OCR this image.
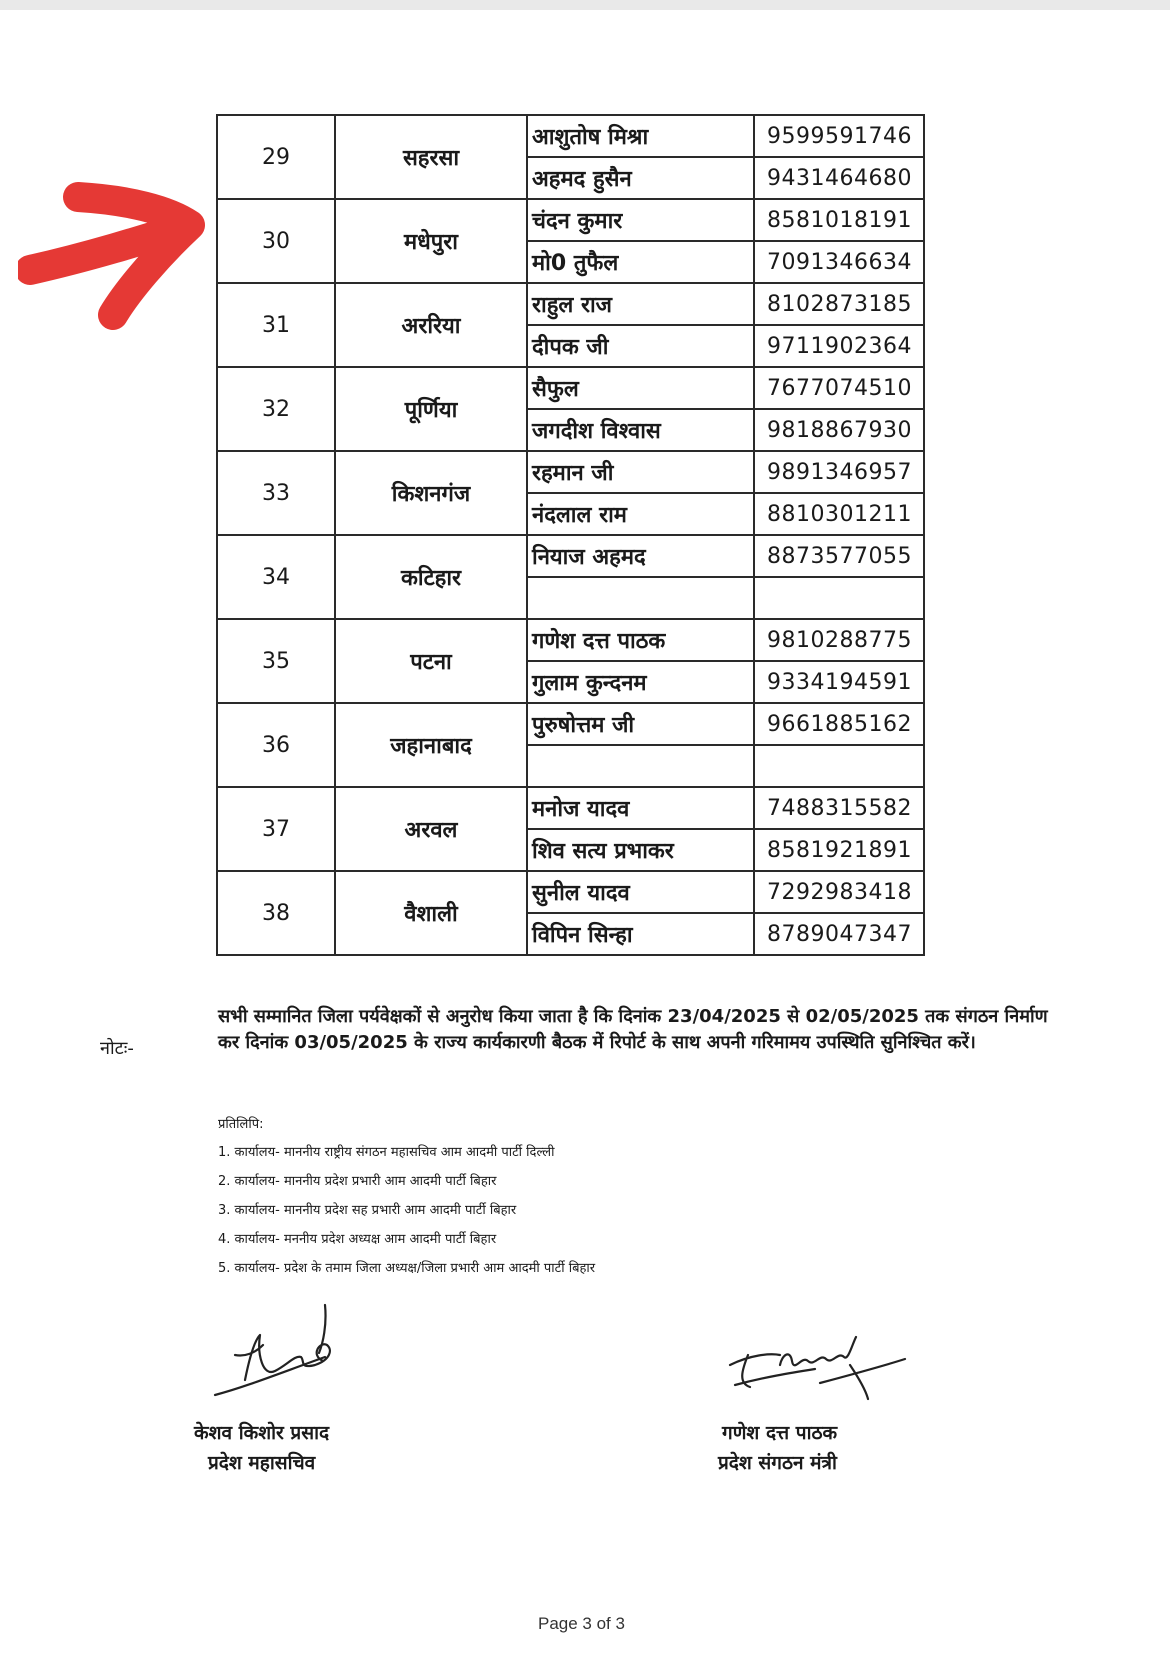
29	सहरसा	आशुतोष मिश्रा	9599591746
		अहमद हुसैन	9431464680
30	मधेपुरा	चंदन कुमार	8581018191
		मो0 तुफैल	7091346634
31	अररिया	राहुल राज	8102873185
		दीपक जी	9711902364
32	पूर्णिया	सैफुल	7677074510
		जगदीश विश्वास	9818867930
33	किशनगंज	रहमान जी	9891346957
		नंदलाल राम	8810301211
34	कटिहार	नियाज अहमद	8873577055

35	पटना	गणेश दत्त पाठक	9810288775
		गुलाम कुन्दनम	9334194591
36	जहानाबाद	पुरुषोत्तम जी	9661885162

37	अरवल	मनोज यादव	7488315582
		शिव सत्य प्रभाकर	8581921891
38	वैशाली	सुनील यादव	7292983418
		विपिन सिन्हा	8789047347
नोटः-
सभी सम्मानित जिला पर्यवेक्षकों से अनुरोध किया जाता है कि दिनांक 23/04/2025 से 02/05/2025 तक संगठन निर्माण कर दिनांक 03/05/2025 के राज्य कार्यकारणी बैठक में रिपोर्ट के साथ अपनी गरिमामय उपस्थिति सुनिश्चित करें।
प्रतिलिपि:
1. कार्यालय- माननीय राष्ट्रीय संगठन महासचिव आम आदमी पार्टी दिल्ली
2. कार्यालय- माननीय प्रदेश प्रभारी आम आदमी पार्टी बिहार
3. कार्यालय- माननीय प्रदेश सह प्रभारी आम आदमी पार्टी बिहार
4. कार्यालय- मननीय प्रदेश अध्यक्ष आम आदमी पार्टी बिहार
5. कार्यालय- प्रदेश के तमाम जिला अध्यक्ष/जिला प्रभारी आम आदमी पार्टी बिहार
केशव किशोर प्रसाद
प्रदेश महासचिव
गणेश दत्त पाठक
प्रदेश संगठन मंत्री
Page 3 of 3
